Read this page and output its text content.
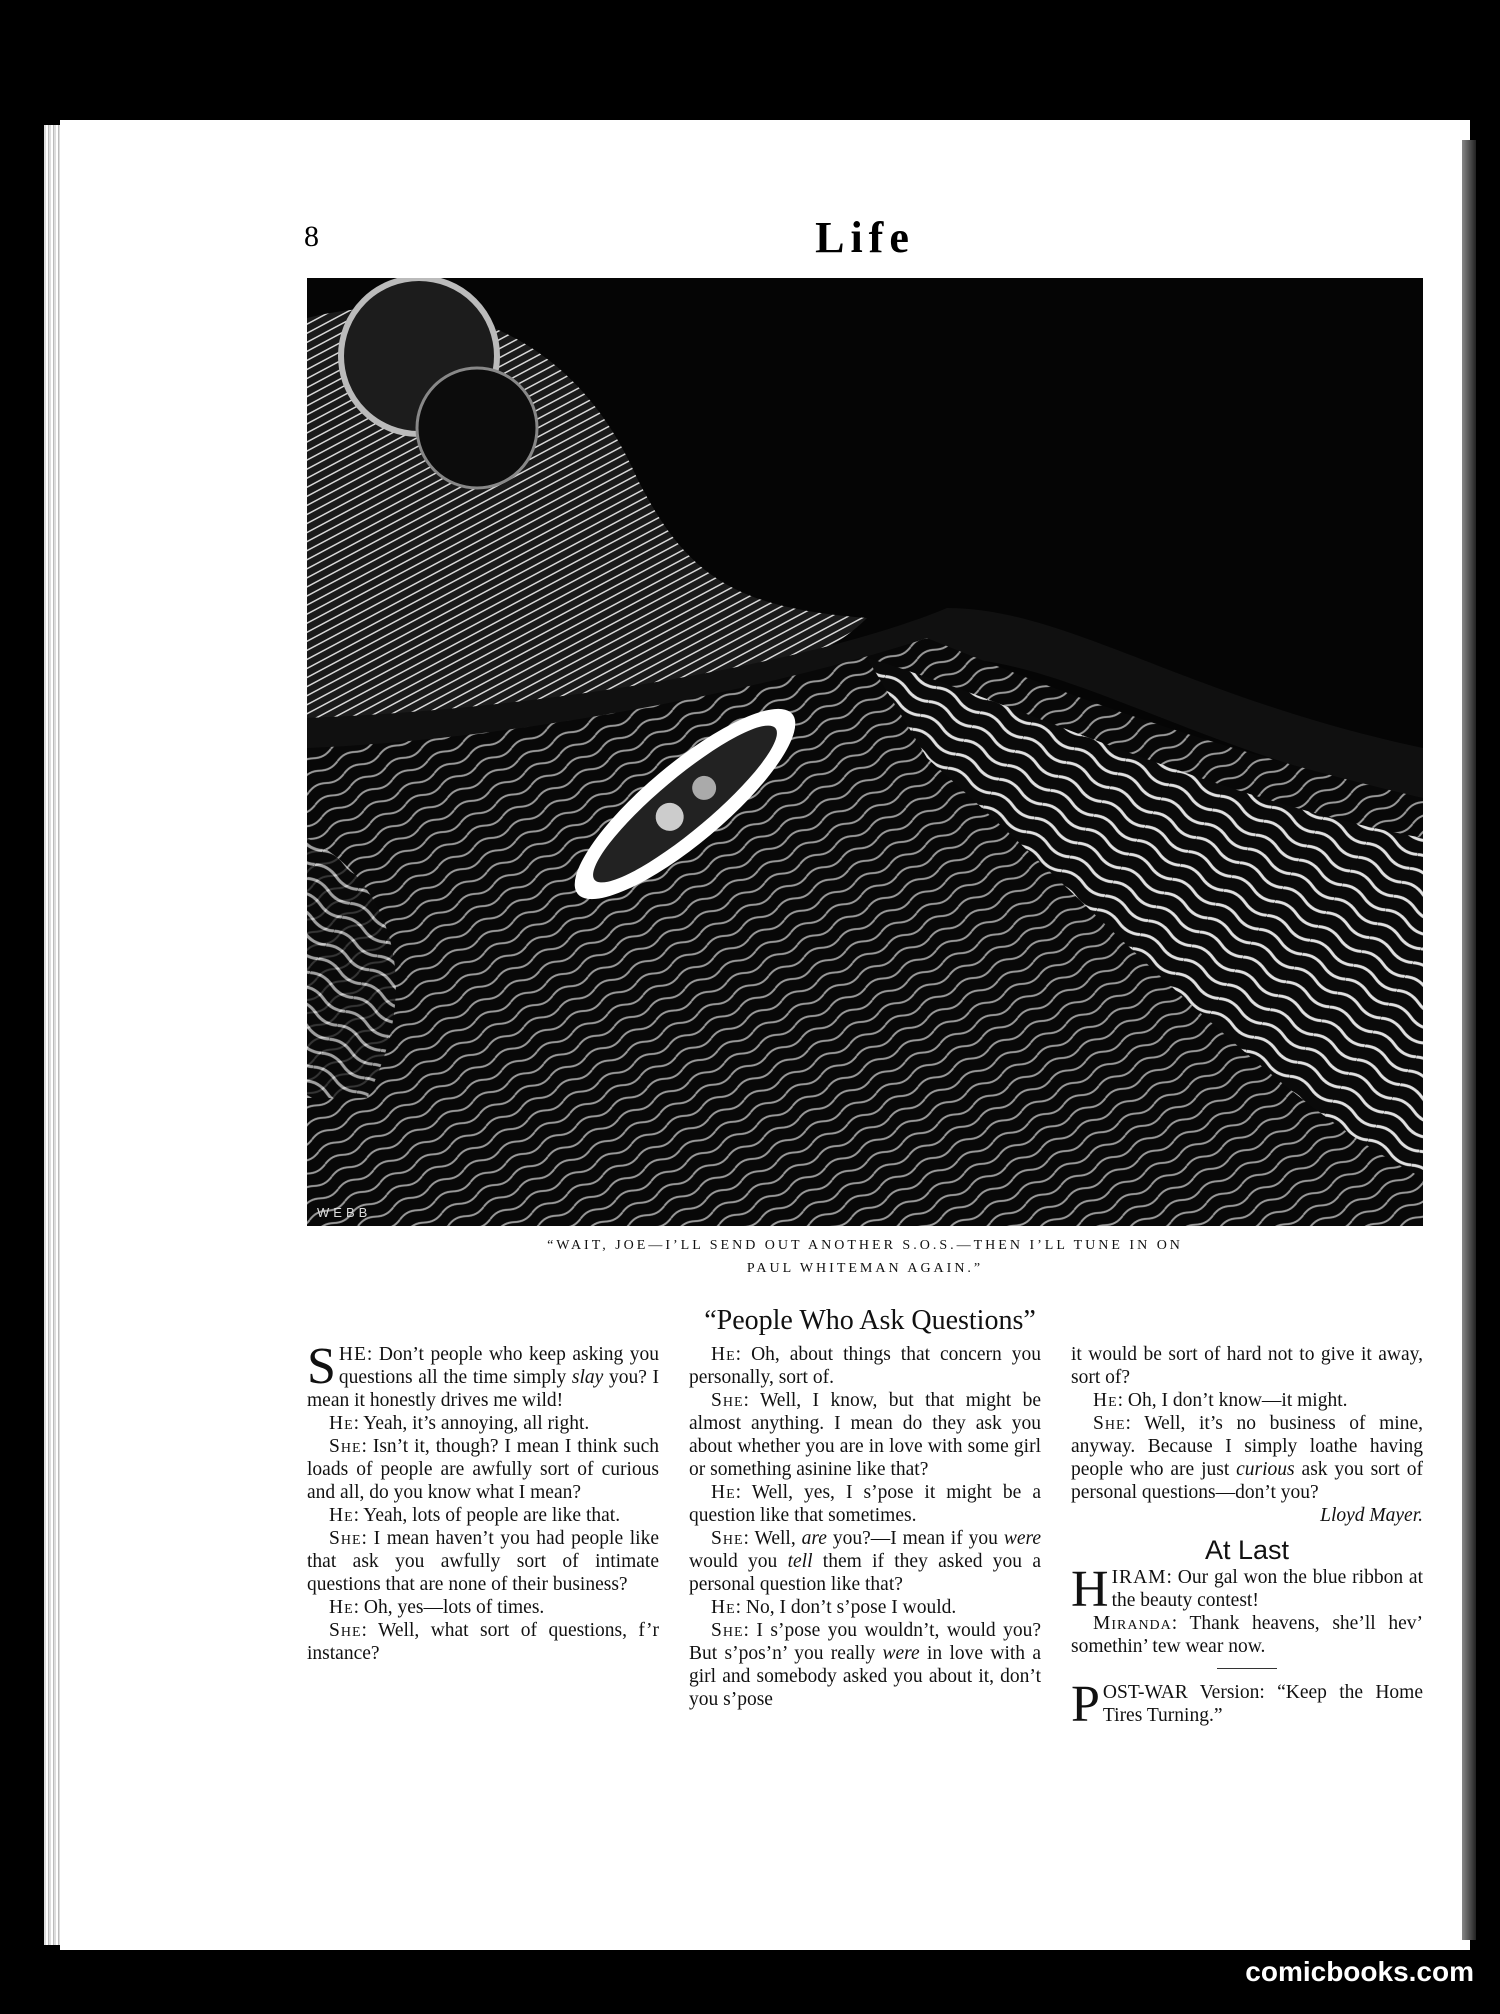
8	Life
WEBB
“WAIT, JOE—I’LL SEND OUT ANOTHER S.O.S.—THEN I’LL TUNE IN ON
PAUL WHITEMAN AGAIN.”
“People Who Ask Questions”

SHE: Don’t people who keep asking you questions all the time simply slay you? I mean it honestly drives me wild!

He: Yeah, it’s annoying, all right.

She: Isn’t it, though? I mean I think such loads of people are awfully sort of curious and all, do you know what I mean?

He: Yeah, lots of people are like that.

She: I mean haven’t you had people like that ask you awfully sort of intimate questions that are none of their business?

He: Oh, yes—lots of times.

She: Well, what sort of questions, f’r instance?

He: Oh, about things that concern you personally, sort of.

She: Well, I know, but that might be almost anything. I mean do they ask you about whether you are in love with some girl or something asinine like that?

He: Well, yes, I s’pose it might be a question like that sometimes.

She: Well, are you?—I mean if you were would you tell them if they asked you a personal question like that?

He: No, I don’t s’pose I would.

She: I s’pose you wouldn’t, would you? But s’pos’n’ you really were in love with a girl and somebody asked you about it, don’t you s’pose

it would be sort of hard not to give it away, sort of?

He: Oh, I don’t know—it might.

She: Well, it’s no business of mine, anyway. Because I simply loathe having people who are just curious ask you sort of personal questions—don’t you?

Lloyd Mayer.

At Last

HIRAM: Our gal won the blue ribbon at the beauty contest!

Miranda: Thank heavens, she’ll hev’ somethin’ tew wear now.

POST-WAR Version: “Keep the Home Tires Turning.”

comicbooks.com
